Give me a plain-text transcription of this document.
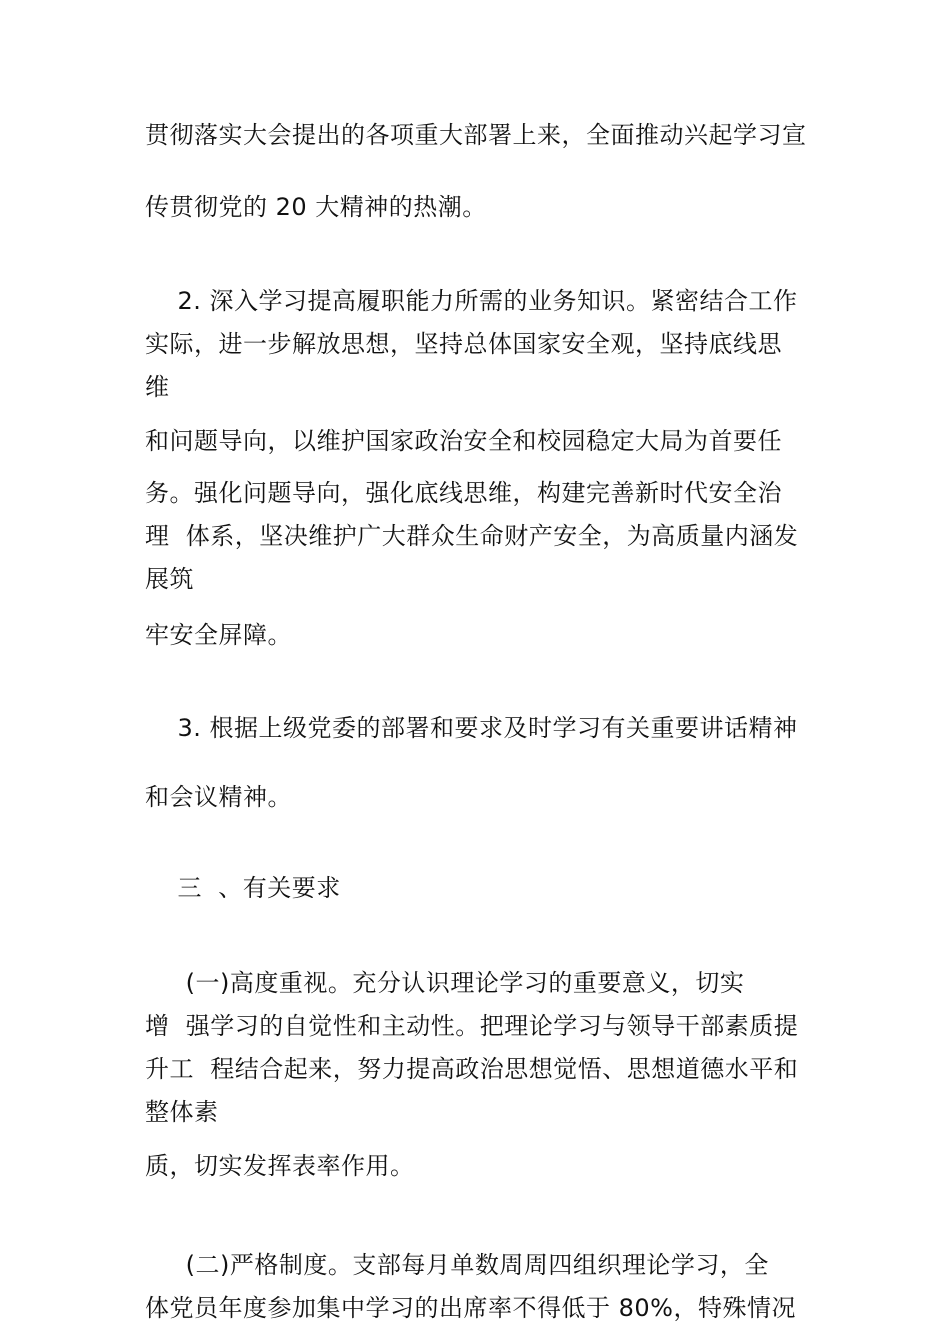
贯彻落实大会提出的各项重大部署上来，全面推动兴起学习宣
传贯彻党的 20 大精神的热潮。
2. 深入学习提高履职能力所需的业务知识。紧密结合工作
实际，进一步解放思想，坚持总体国家安全观，坚持底线思
维
和问题导向，以维护国家政治安全和校园稳定大局为首要任
务。强化问题导向，强化底线思维，构建完善新时代安全治
理  体系，坚决维护广大群众生命财产安全，为高质量内涵发
展筑
牢安全屏障。
3. 根据上级党委的部署和要求及时学习有关重要讲话精神
和会议精神。
三  、有关要求
(一)高度重视。充分认识理论学习的重要意义，切实
增  强学习的自觉性和主动性。把理论学习与领导干部素质提
升工  程结合起来，努力提高政治思想觉悟、思想道德水平和
整体素
质，切实发挥表率作用。
(二)严格制度。支部每月单数周周四组织理论学习，全
体党员年度参加集中学习的出席率不得低于 80%，特殊情况
